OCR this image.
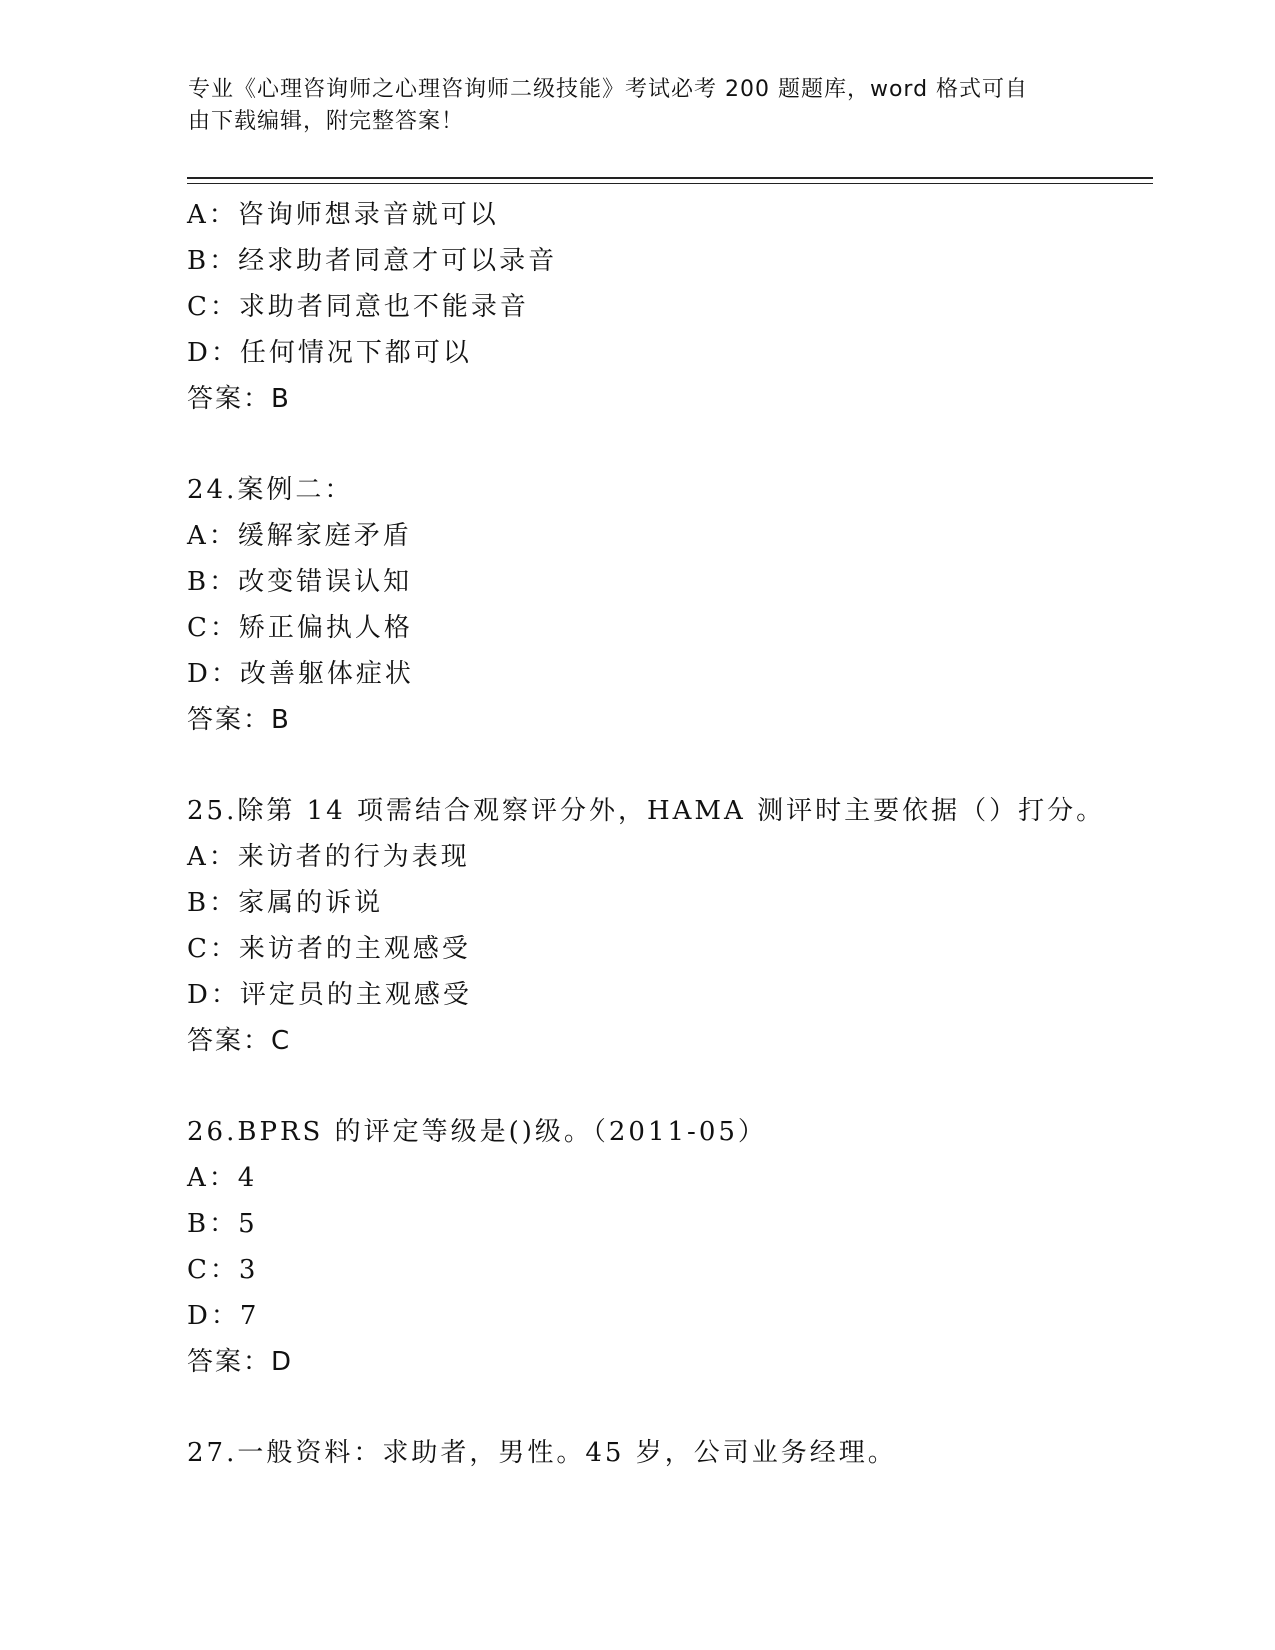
专业《心理咨询师之心理咨询师二级技能》考试必考 200 题题库，word 格式可自
由下载编辑，附完整答案！
A：咨询师想录音就可以
B：经求助者同意才可以录音
C：求助者同意也不能录音
D：任何情况下都可以
答案：B
24.案例二：
A：缓解家庭矛盾
B：改变错误认知
C：矫正偏执人格
D：改善躯体症状
答案：B
25.除第 14 项需结合观察评分外，HAMA 测评时主要依据（）打分。
A：来访者的行为表现
B：家属的诉说
C：来访者的主观感受
D：评定员的主观感受
答案：C
26.BPRS 的评定等级是()级。（2011-05）
A：4
B：5
C：3
D：7
答案：D
27.一般资料：求助者，男性。45 岁，公司业务经理。
